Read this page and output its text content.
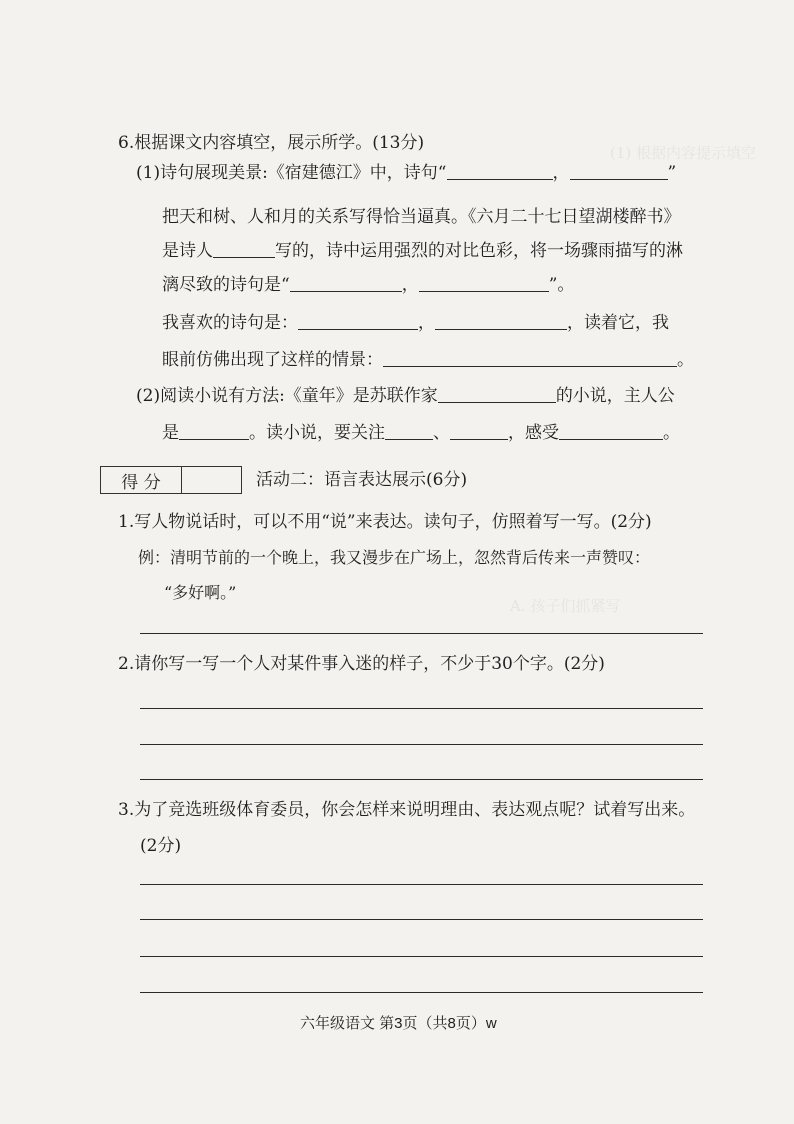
(1) 根据内容提示填空
A. 孩子们抓紧写
6.根据课文内容填空，展示所学。(13分)
(1)诗句展现美景:《宿建德江》中，诗句“	，	”
把天和树、人和月的关系写得恰当逼真。《六月二十七日望湖楼醉书》
是诗人	写的，诗中运用强烈的对比色彩，将一场骤雨描写的淋
漓尽致的诗句是“	，	”。
我喜欢的诗句是：	，	，读着它，我
眼前仿佛出现了这样的情景：	。
(2)阅读小说有方法:《童年》是苏联作家	的小说，主人公
是	。读小说，要关注	、	，感受	。
得 分	活动二：语言表达展示(6分)
1.写人物说话时，可以不用“说”来表达。读句子，仿照着写一写。(2分)
例：清明节前的一个晚上，我又漫步在广场上，忽然背后传来一声赞叹：
“多好啊。”
2.请你写一写一个人对某件事入迷的样子，不少于30个字。(2分)
3.为了竞选班级体育委员，你会怎样来说明理由、表达观点呢？试着写出来。
(2分)
六年级语文 第3页（共8页）w
